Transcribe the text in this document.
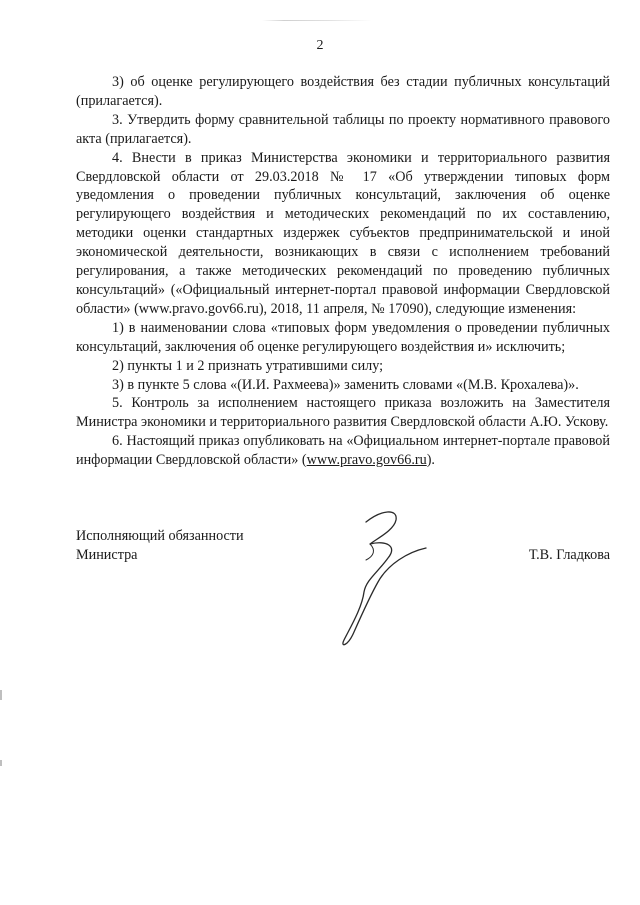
2

3) об оценке регулирующего воздействия без стадии публичных консультаций (прилагается).

3. Утвердить форму сравнительной таблицы по проекту нормативного правового акта (прилагается).

4. Внести в приказ Министерства экономики и территориального развития Свердловской области от 29.03.2018 № 17 «Об утверждении типовых форм уведомления о проведении публичных консультаций, заключения об оценке регулирующего воздействия и методических рекомендаций по их составлению, методики оценки стандартных издержек субъектов предпринимательской и иной экономической деятельности, возникающих в связи с исполнением требований регулирования, а также методических рекомендаций по проведению публичных консультаций» («Официальный интернет-портал правовой информации Свердловской области» (www.pravo.gov66.ru), 2018, 11 апреля, № 17090), следующие изменения:

1) в наименовании слова «типовых форм уведомления о проведении публичных консультаций, заключения об оценке регулирующего воздействия и» исключить;

2) пункты 1 и 2 признать утратившими силу;

3) в пункте 5 слова «(И.И. Рахмеева)» заменить словами «(М.В. Крохалева)».

5. Контроль за исполнением настоящего приказа возложить на Заместителя Министра экономики и территориального развития Свердловской области А.Ю. Ускову.

6. Настоящий приказ опубликовать на «Официальном интернет-портале правовой информации Свердловской области» (www.pravo.gov66.ru).

Исполняющий обязанности
Министра	Т.В. Гладкова
